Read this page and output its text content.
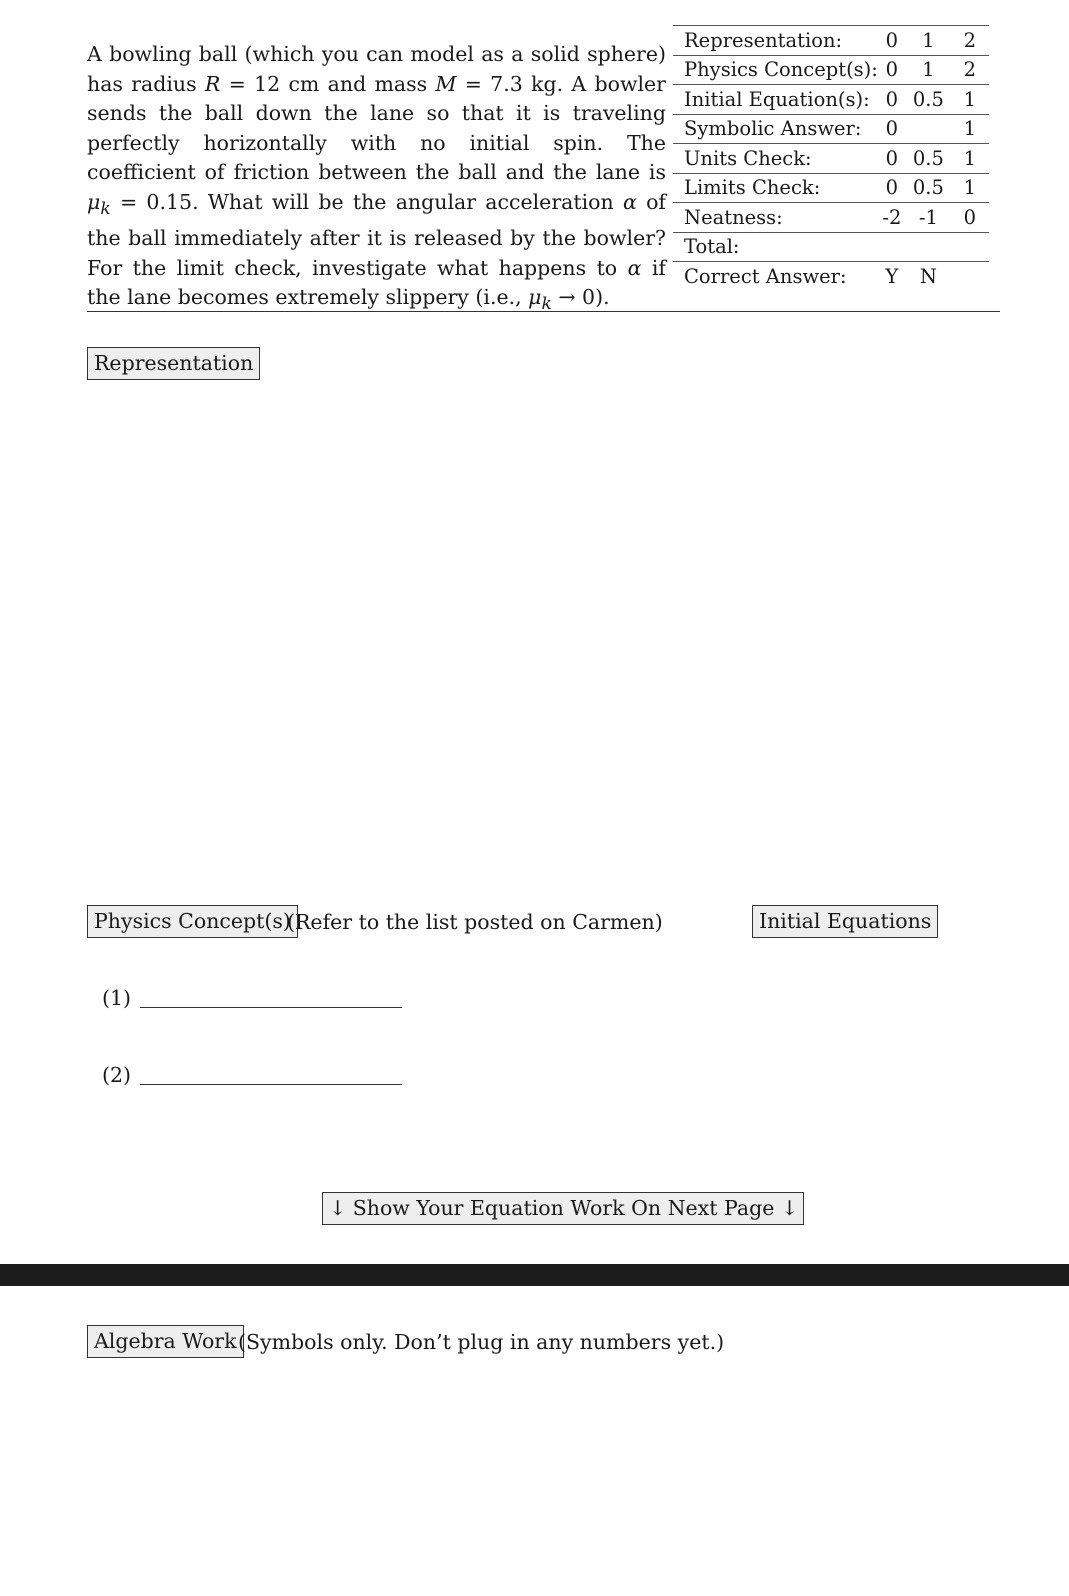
A bowling ball (which you can model as a solid sphere) has radius R = 12 cm and mass M = 7.3 kg. A bowler sends the ball down the lane so that it is traveling perfectly horizontally with no initial spin. The coefficient of friction between the ball and the lane is $\mu_k = 0.15$. What will be the angular acceleration α of the ball immediately after it is released by the bowler? For the limit check, investigate what happens to α if the lane becomes extremely slippery (i.e., $\mu_k \to 0$).
Representation:	0	1	2
Physics Concept(s):	0	1	2
Initial Equation(s):	0	0.5	1
Symbolic Answer:	0		1
Units Check:	0	0.5	1
Limits Check:	0	0.5	1
Neatness:	-2	-1	0
Total:			
Correct Answer:	Y	N	
Representation
Physics Concept(s)
(Refer to the list posted on Carmen)	Initial Equations
(1)
(2)
↓ Show Your Equation Work On Next Page ↓
Algebra Work (Symbols only. Don’t plug in any numbers yet.)
